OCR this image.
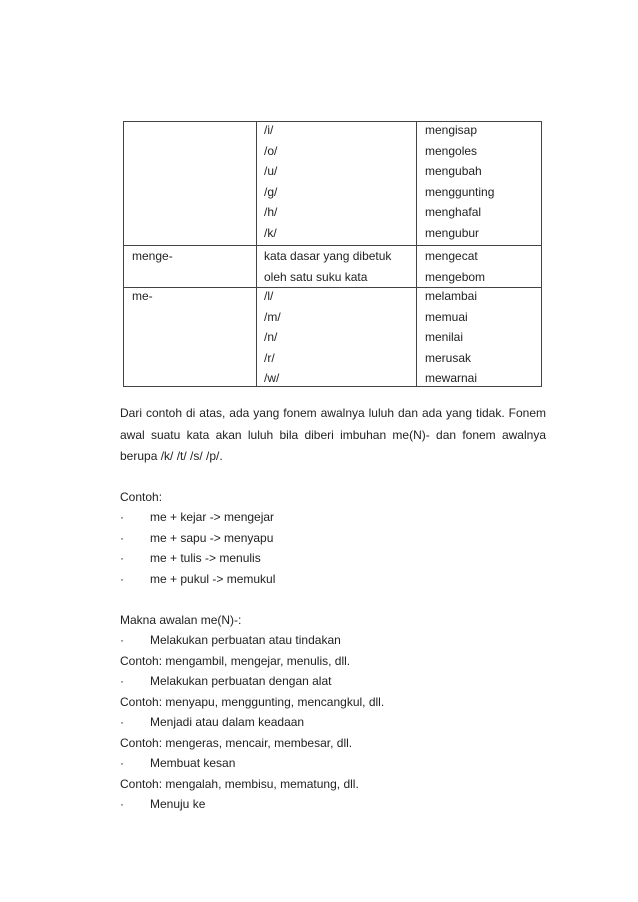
/i/
/o/
/u/
/g/
/h/
/k/
mengisap
mengoles
mengubah
menggunting
menghafal
mengubur
menge-	kata dasar yang dibetuk
oleh satu suku kata
mengecat
mengebom
me-	/l/
/m/
/n/
/r/
/w/
melambai
memuai
menilai
merusak
mewarnai
Dari contoh di atas, ada yang fonem awalnya luluh dan ada yang tidak. Fonem
awal suatu kata akan luluh bila diberi imbuhan me(N)- dan fonem awalnya
berupa /k/ /t/ /s/ /p/.
Contoh:
· me + kejar -> mengejar
· me + sapu -> menyapu
· me + tulis -> menulis
· me + pukul -> memukul
Makna awalan me(N)-:
· Melakukan perbuatan atau tindakan
Contoh: mengambil, mengejar, menulis, dll.
· Melakukan perbuatan dengan alat
Contoh: menyapu, menggunting, mencangkul, dll.
· Menjadi atau dalam keadaan
Contoh: mengeras, mencair, membesar, dll.
· Membuat kesan
Contoh: mengalah, membisu, mematung, dll.
· Menuju ke
